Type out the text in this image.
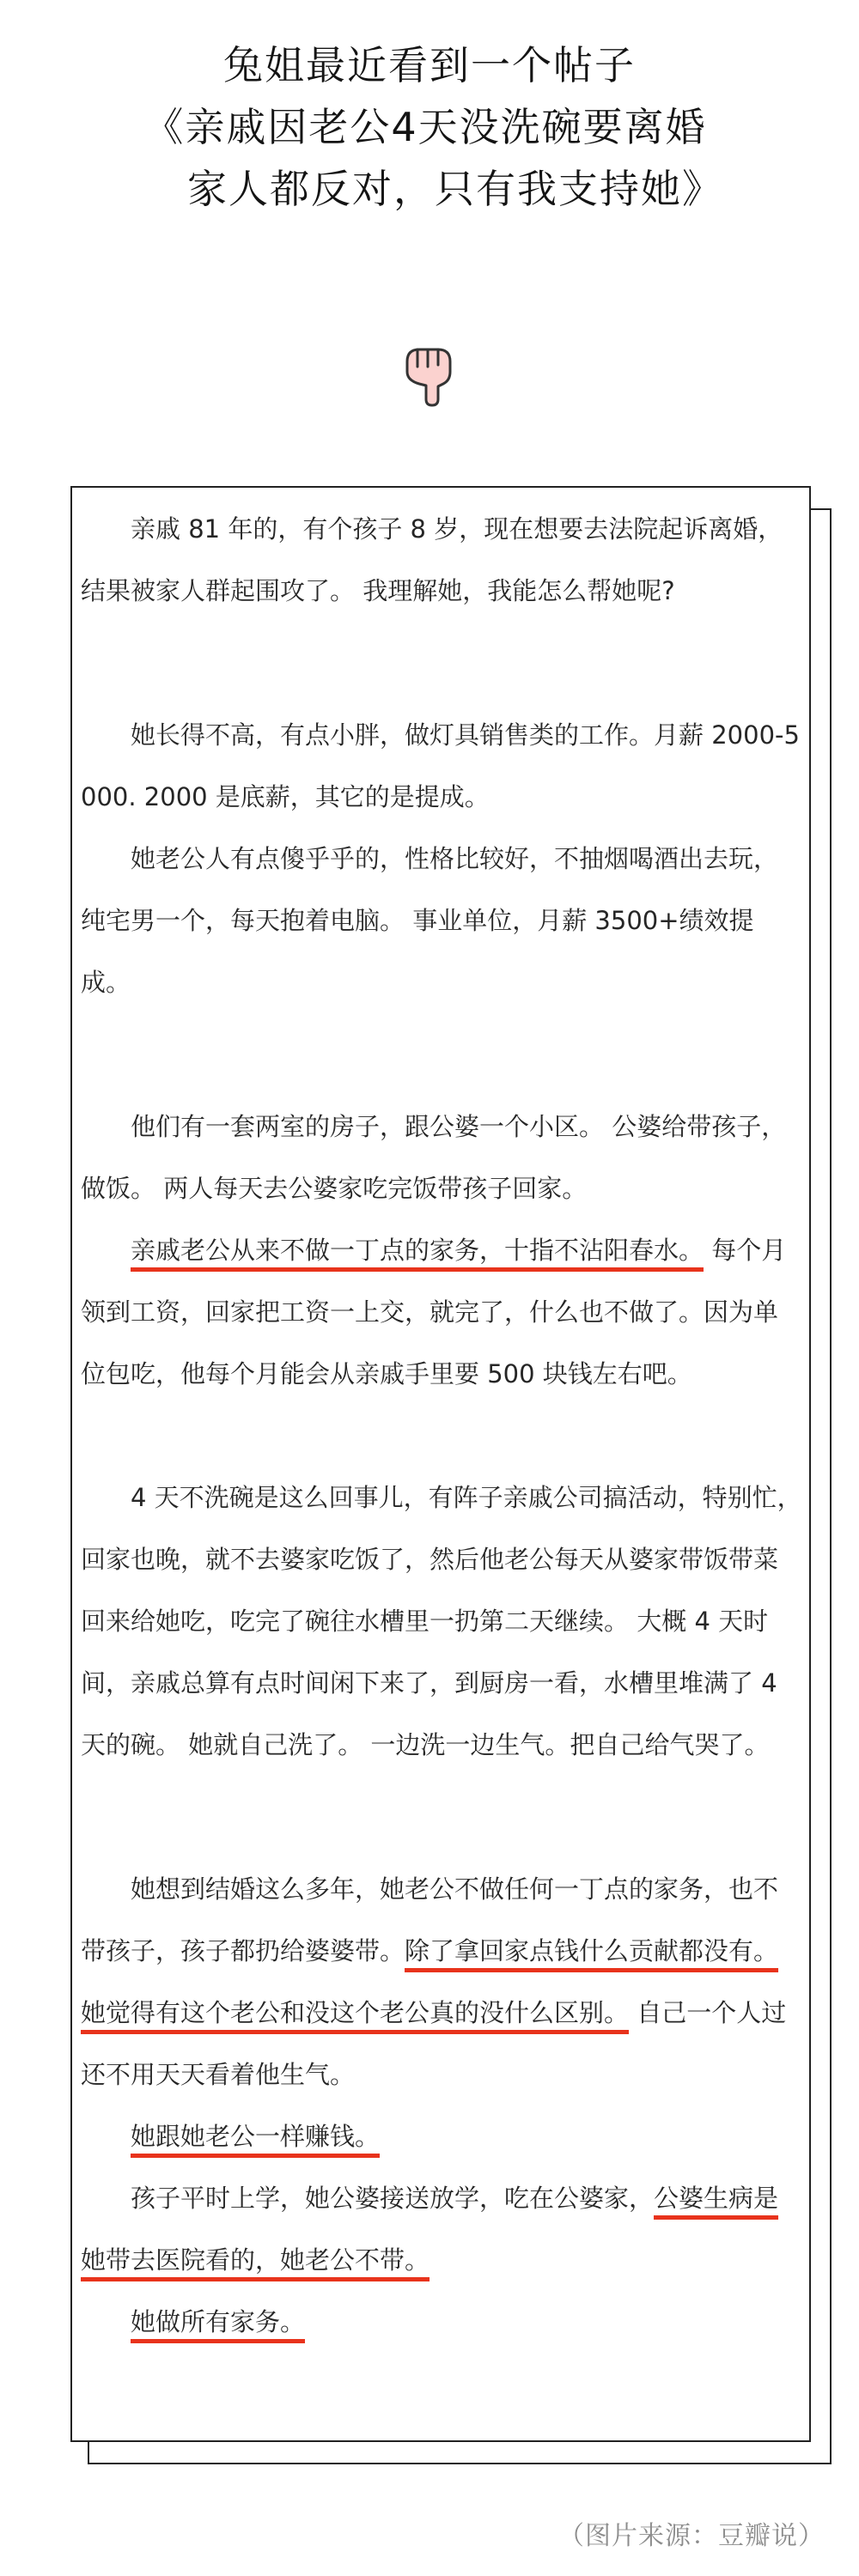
兔姐最近看到一个帖子
《亲戚因老公4天没洗碗要离婚
家人都反对，只有我支持她》

亲戚 81 年的，有个孩子 8 岁，现在想要去法院起诉离婚，结果被家人群起围攻了。 我理解她，我能怎么帮她呢?

她长得不高，有点小胖，做灯具销售类的工作。月薪 2000-5000. 2000 是底薪，其它的是提成。

她老公人有点傻乎乎的，性格比较好，不抽烟喝酒出去玩，纯宅男一个，每天抱着电脑。 事业单位，月薪 3500+绩效提成。

他们有一套两室的房子，跟公婆一个小区。 公婆给带孩子，做饭。 两人每天去公婆家吃完饭带孩子回家。

亲戚老公从来不做一丁点的家务，十指不沾阳春水。 每个月领到工资，回家把工资一上交，就完了，什么也不做了。因为单位包吃，他每个月能会从亲戚手里要 500 块钱左右吧。

4 天不洗碗是这么回事儿，有阵子亲戚公司搞活动，特别忙，回家也晚，就不去婆家吃饭了，然后他老公每天从婆家带饭带菜回来给她吃，吃完了碗往水槽里一扔第二天继续。 大概 4 天时间，亲戚总算有点时间闲下来了，到厨房一看，水槽里堆满了 4 天的碗。 她就自己洗了。 一边洗一边生气。把自己给气哭了。

她想到结婚这么多年，她老公不做任何一丁点的家务，也不带孩子，孩子都扔给婆婆带。除了拿回家点钱什么贡献都没有。 她觉得有这个老公和没这个老公真的没什么区别。 自己一个人过还不用天天看着他生气。

她跟她老公一样赚钱。

孩子平时上学，她公婆接送放学，吃在公婆家，公婆生病是她带去医院看的，她老公不带。

她做所有家务。

（图片来源：豆瓣说）
